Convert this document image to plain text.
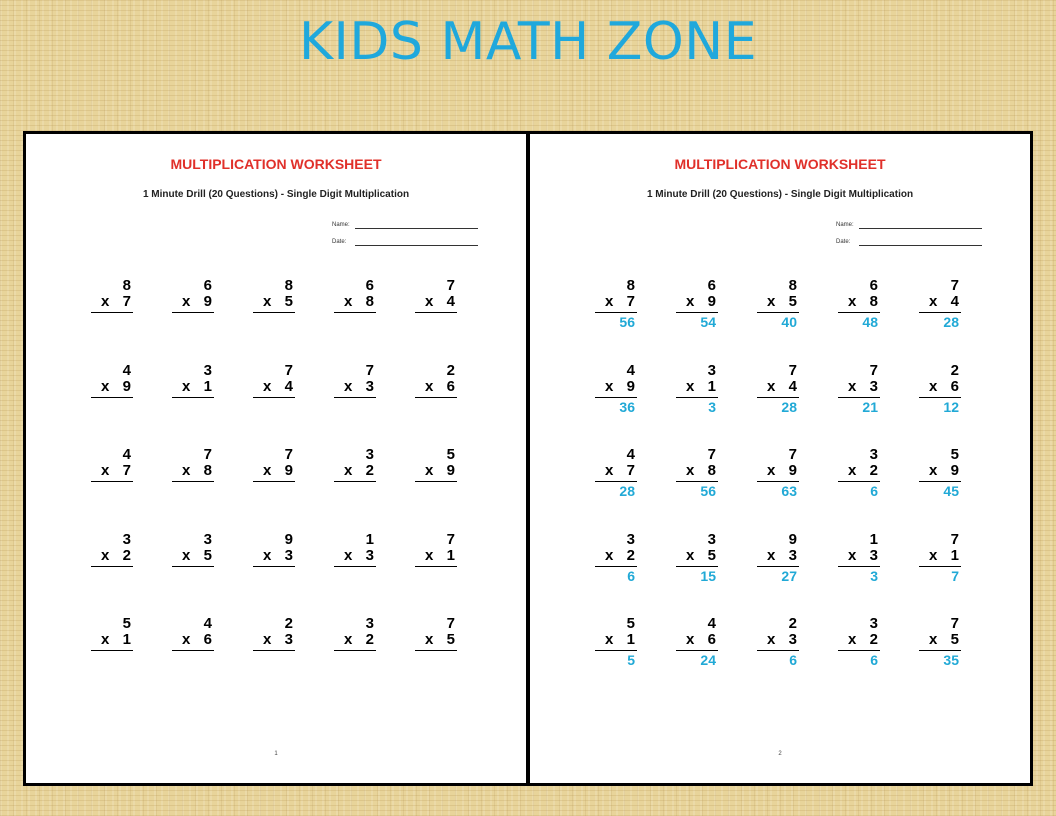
KIDS MATH ZONE
MULTIPLICATION WORKSHEET
1 Minute Drill (20 Questions) - Single Digit Multiplication
Name:
Date:
8
x 7
6
x 9
8
x 5
6
x 8
7
x 4
4
x 9
3
x 1
7
x 4
7
x 3
2
x 6
4
x 7
7
x 8
7
x 9
3
x 2
5
x 9
3
x 2
3
x 5
9
x 3
1
x 3
7
x 1
5
x 1
4
x 6
2
x 3
3
x 2
7
x 5
1
MULTIPLICATION WORKSHEET
1 Minute Drill (20 Questions) - Single Digit Multiplication
Name:
Date:
8
x 7
56
6
x 9
54
8
x 5
40
6
x 8
48
7
x 4
28
4
x 9
36
3
x 1
3
7
x 4
28
7
x 3
21
2
x 6
12
4
x 7
28
7
x 8
56
7
x 9
63
3
x 2
6
5
x 9
45
3
x 2
6
3
x 5
15
9
x 3
27
1
x 3
3
7
x 1
7
5
x 1
5
4
x 6
24
2
x 3
6
3
x 2
6
7
x 5
35
2
